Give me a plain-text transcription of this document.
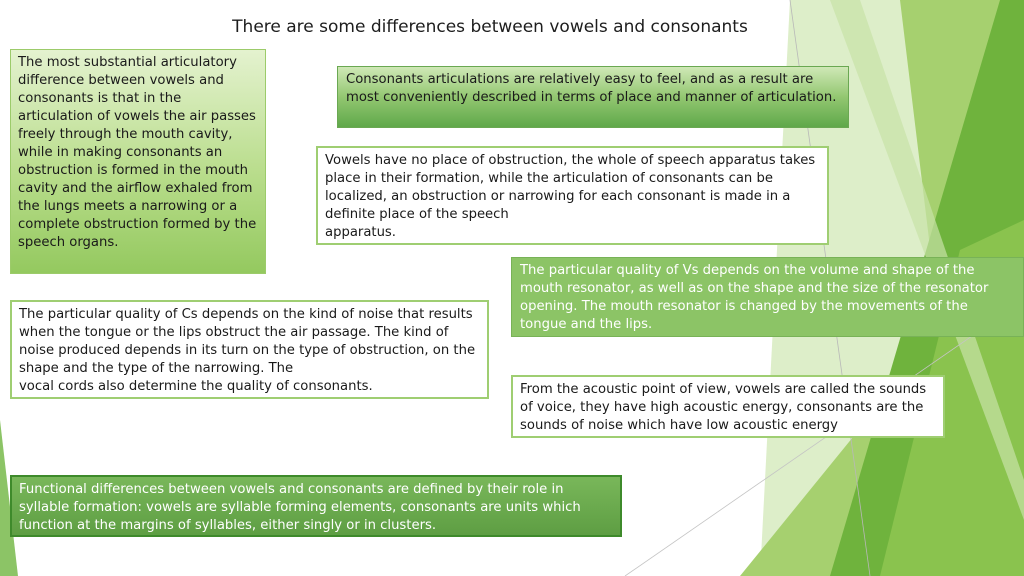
There are some differences between vowels and consonants
The most substantial articulatory difference between vowels and consonants is that in the articulation of vowels the air passes freely through the mouth cavity, while in making consonants an obstruction is formed in the mouth cavity and the airflow exhaled from the lungs meets a narrowing or a complete obstruction formed by the speech organs.
Consonants articulations are relatively easy to feel, and as a result are most conveniently described in terms of place and manner of articulation.
Vowels have no place of obstruction, the whole of speech apparatus takes place in their formation, while the articulation of consonants can be localized, an obstruction or narrowing for each consonant is made in a definite place of the speech
apparatus.
The particular quality of Vs depends on the volume and shape of the mouth resonator, as well as on the shape and the size of the resonator opening. The mouth resonator is changed by the movements of the tongue and the lips.
The particular quality of Cs depends on the kind of noise that results when the tongue or the lips obstruct the air passage. The kind of noise produced depends in its turn on the type of obstruction, on the shape and the type of the narrowing. The
vocal cords also determine the quality of consonants.	From the acoustic point of view, vowels are called the sounds of voice, they have high acoustic energy, consonants are the sounds of noise which have low acoustic energy
Functional differences between vowels and consonants are defined by their role in syllable formation: vowels are syllable forming elements, consonants are units which function at the margins of syllables, either singly or in clusters.
